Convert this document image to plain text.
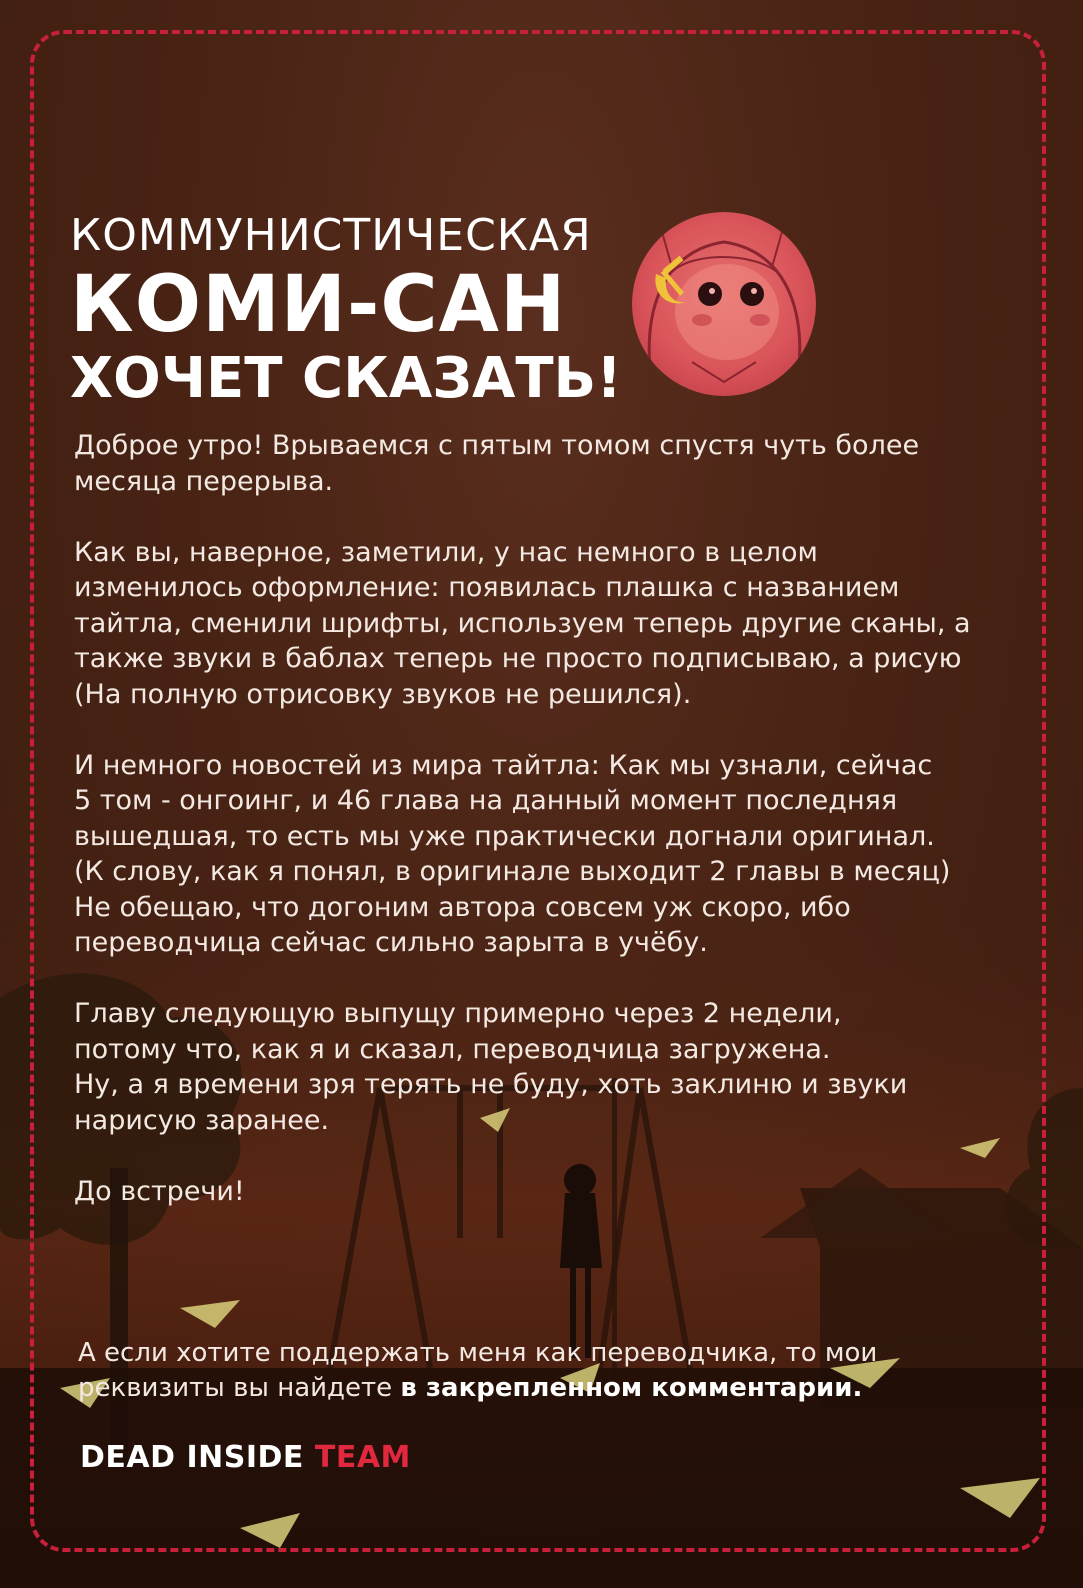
КОММУНИСТИЧЕСКАЯ
КОМИ-САН
ХОЧЕТ СКАЗАТЬ!

Доброе утро! Врываемся с пятым томом спустя чуть более
месяца перерыва.

Как вы, наверное, заметили, у нас немного в целом
изменилось оформление: появилась плашка с названием
тайтла, сменили шрифты, используем теперь другие сканы, а
также звуки в баблах теперь не просто подписываю, а рисую
(На полную отрисовку звуков не решился).

И немного новостей из мира тайтла: Как мы узнали, сейчас
5 том - онгоинг, и 46 глава на данный момент последняя
вышедшая, то есть мы уже практически догнали оригинал.
(К слову, как я понял, в оригинале выходит 2 главы в месяц)
Не обещаю, что догоним автора совсем уж скоро, ибо
переводчица сейчас сильно зарыта в учёбу.

Главу следующую выпущу примерно через 2 недели,
потому что, как я и сказал, переводчица загружена.
Ну, а я времени зря терять не буду, хоть заклиню и звуки
нарисую заранее.

До встречи!

А если хотите поддержать меня как переводчика, то мои
реквизиты вы найдете в закрепленном комментарии.
DEAD INSIDE TEAM
